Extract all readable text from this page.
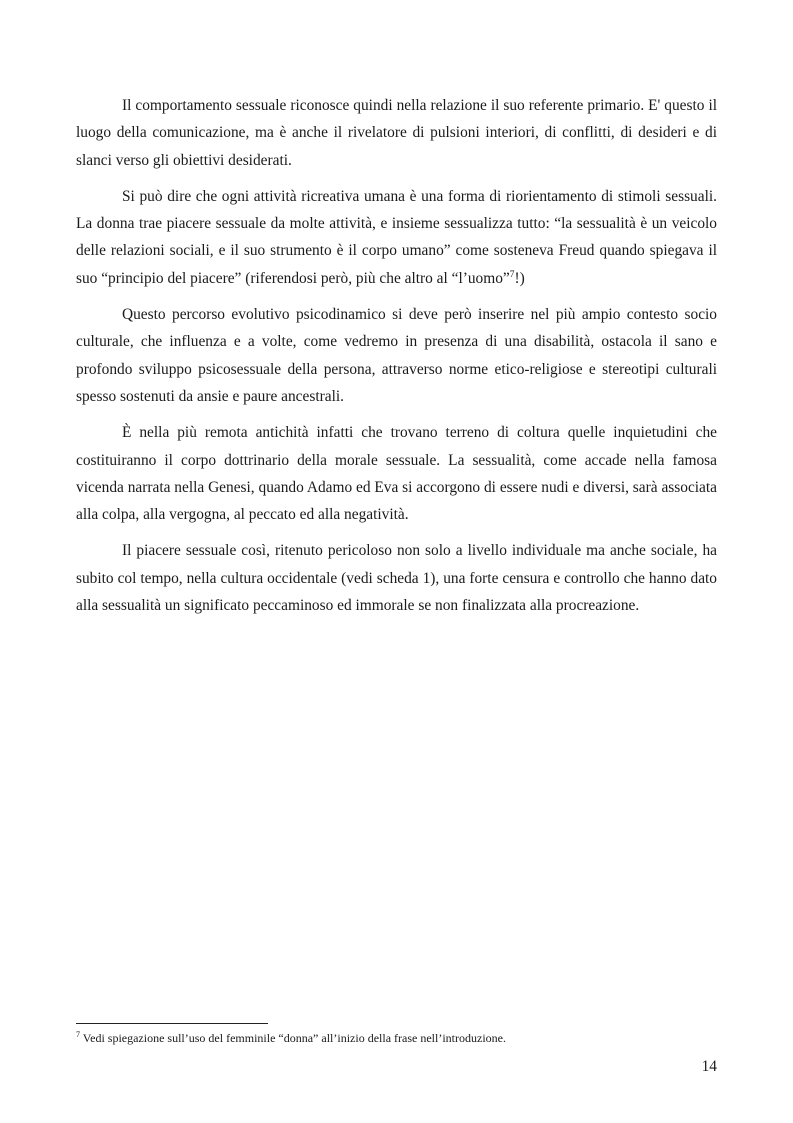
Il comportamento sessuale riconosce quindi nella relazione il suo referente primario. E' questo il luogo della comunicazione, ma è anche il rivelatore di pulsioni interiori, di conflitti, di desideri e di slanci verso gli obiettivi desiderati.

Si può dire che ogni attività ricreativa umana è una forma di riorientamento di stimoli sessuali. La donna trae piacere sessuale da molte attività, e insieme sessualizza tutto: “la sessualità è un veicolo delle relazioni sociali, e il suo strumento è il corpo umano” come sosteneva Freud quando spiegava il suo “principio del piacere” (riferendosi però, più che altro al “l’uomo”$^7$!)

Questo percorso evolutivo psicodinamico si deve però inserire nel più ampio contesto socio culturale, che influenza e a volte, come vedremo in presenza di una disabilità, ostacola il sano e profondo sviluppo psicosessuale della persona, attraverso norme etico-religiose e stereotipi culturali spesso sostenuti da ansie e paure ancestrali.

È nella più remota antichità infatti che trovano terreno di coltura quelle inquietudini che costituiranno il corpo dottrinario della morale sessuale. La sessualità, come accade nella famosa vicenda narrata nella Genesi, quando Adamo ed Eva si accorgono di essere nudi e diversi, sarà associata alla colpa, alla vergogna, al peccato ed alla negatività.

Il piacere sessuale così, ritenuto pericoloso non solo a livello individuale ma anche sociale, ha subito col tempo, nella cultura occidentale (vedi scheda 1), una forte censura e controllo che hanno dato alla sessualità un significato peccaminoso ed immorale se non finalizzata alla procreazione.

$^7$ Vedi spiegazione sull’uso del femminile “donna” all’inizio della frase nell’introduzione.
14
